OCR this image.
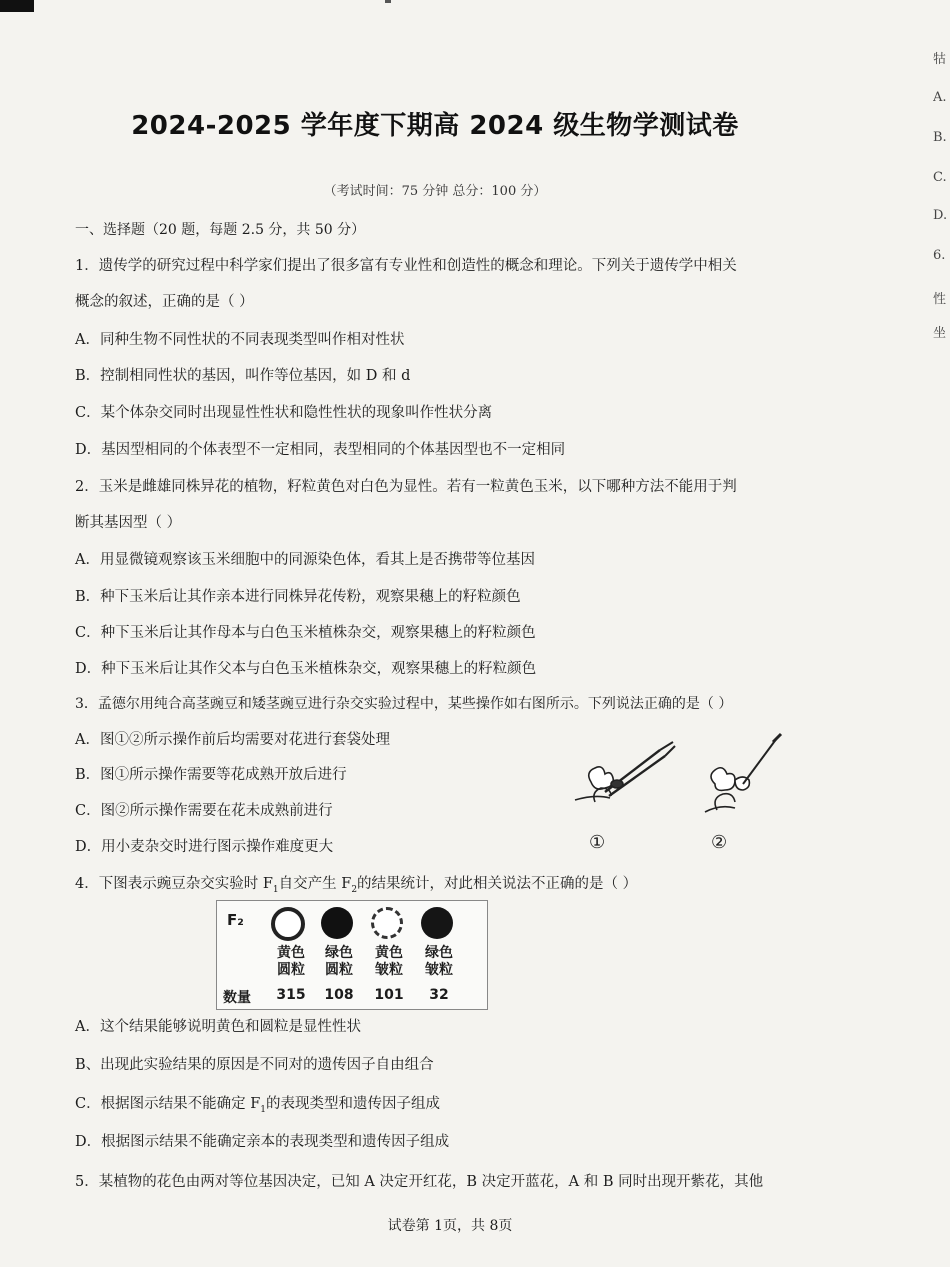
2024-2025 学年度下期高 2024 级生物学测试卷
（考试时间：75 分钟 总分：100 分）
一、选择题（20 题，每题 2.5 分，共 50 分）
1．遗传学的研究过程中科学家们提出了很多富有专业性和创造性的概念和理论。下列关于遗传学中相关
概念的叙述，正确的是（ ）
A．同种生物不同性状的不同表现类型叫作相对性状
B．控制相同性状的基因，叫作等位基因，如 D 和 d
C．某个体杂交同时出现显性性状和隐性性状的现象叫作性状分离
D．基因型相同的个体表型不一定相同，表型相同的个体基因型也不一定相同
2．玉米是雌雄同株异花的植物，籽粒黄色对白色为显性。若有一粒黄色玉米，以下哪种方法不能用于判
断其基因型（ ）
A．用显微镜观察该玉米细胞中的同源染色体，看其上是否携带等位基因
B．种下玉米后让其作亲本进行同株异花传粉，观察果穗上的籽粒颜色
C．种下玉米后让其作母本与白色玉米植株杂交，观察果穗上的籽粒颜色
D．种下玉米后让其作父本与白色玉米植株杂交，观察果穗上的籽粒颜色
3．孟德尔用纯合高茎豌豆和矮茎豌豆进行杂交实验过程中，某些操作如右图所示。下列说法正确的是（ ）
A．图①②所示操作前后均需要对花进行套袋处理
B．图①所示操作需要等花成熟开放后进行
C．图②所示操作需要在花未成熟前进行
D．用小麦杂交时进行图示操作难度更大	①	②
4．下图表示豌豆杂交实验时 $F_1$自交产生 $F_2$的结果统计，对此相关说法不正确的是（ ）
F₂
黄色
圆粒
绿色
圆粒
黄色
皱粒
绿色
皱粒
数量	315	108	101	32
A．这个结果能够说明黄色和圆粒是显性性状
B、出现此实验结果的原因是不同对的遗传因子自由组合
C．根据图示结果不能确定 $F_1$的表现类型和遗传因子组成
D．根据图示结果不能确定亲本的表现类型和遗传因子组成
5．某植物的花色由两对等位基因决定，已知 A 决定开红花，B 决定开蓝花，A 和 B 同时出现开紫花，其他
试卷第 1页，共 8页
牯
A.
B.
C.
D.
6.
性
坐
